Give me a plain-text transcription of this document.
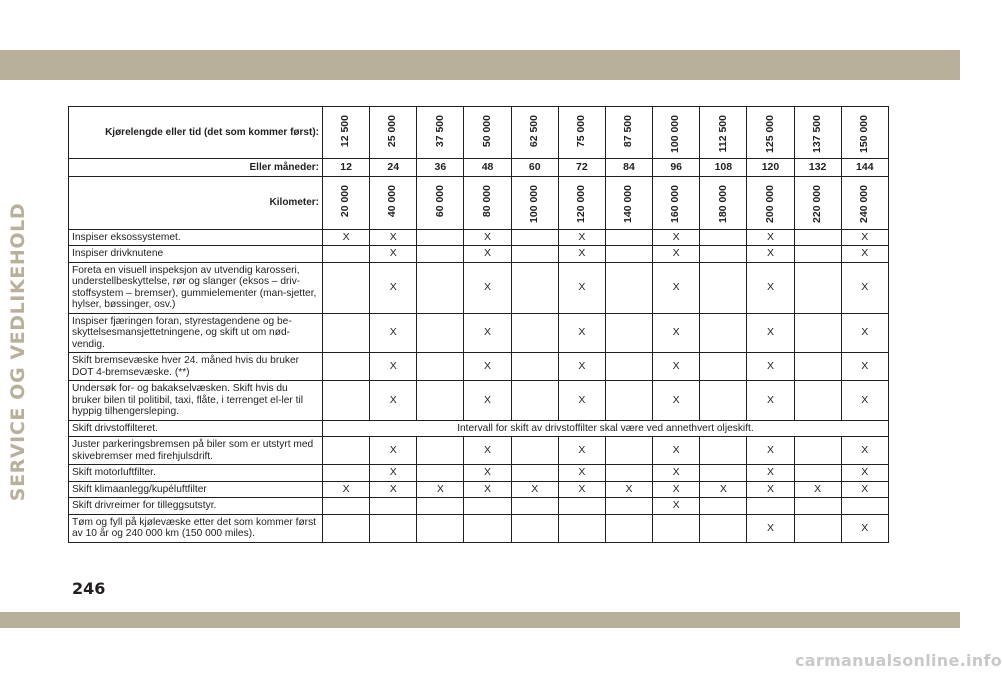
SERVICE OG VEDLIKEHOLD
Kjørelengde eller tid (det som kommer først):	12 500	25 000	37 500	50 000	62 500	75 000	87 500	100 000	112 500	125 000	137 500	150 000
Eller måneder:	12	24	36	48	60	72	84	96	108	120	132	144
Kilometer:	20 000	40 000	60 000	80 000	100 000	120 000	140 000	160 000	180 000	200 000	220 000	240 000
Inspiser eksossystemet.	X	X		X		X		X		X		X
Inspiser drivknutene		X		X		X		X		X		X
Foreta en visuell inspeksjon av utvendig karosseri, understellbeskyttelse, rør og slanger (eksos – driv-stoffsystem – bremser), gummielementer (man-sjetter, hylser, bøssinger, osv.)		X		X		X		X		X		X
Inspiser fjæringen foran, styrestagendene og be-skyttelsesmansjettetningene, og skift ut om nød-vendig.		X		X		X		X		X		X
Skift bremsevæske hver 24. måned hvis du bruker DOT 4-bremsevæske. (**)		X		X		X		X		X		X
Undersøk for- og bakakselvæsken. Skift hvis du bruker bilen til politibil, taxi, flåte, i terrenget el-ler til hyppig tilhengersleping.		X		X		X		X		X		X
Skift drivstoffilteret.	Intervall for skift av drivstoffilter skal være ved annethvert oljeskift.											
Juster parkeringsbremsen på biler som er utstyrt med skivebremser med firehjulsdrift.		X		X		X		X		X		X
Skift motorluftfilter.		X		X		X		X		X		X
Skift klimaanlegg/kupéluftfilter	X	X	X	X	X	X	X	X	X	X	X	X
Skift drivreimer for tilleggsutstyr.								X				
Tøm og fyll på kjølevæske etter det som kommer først av 10 år og 240 000 km (150 000 miles).										X		X
246
carmanualsonline.info
